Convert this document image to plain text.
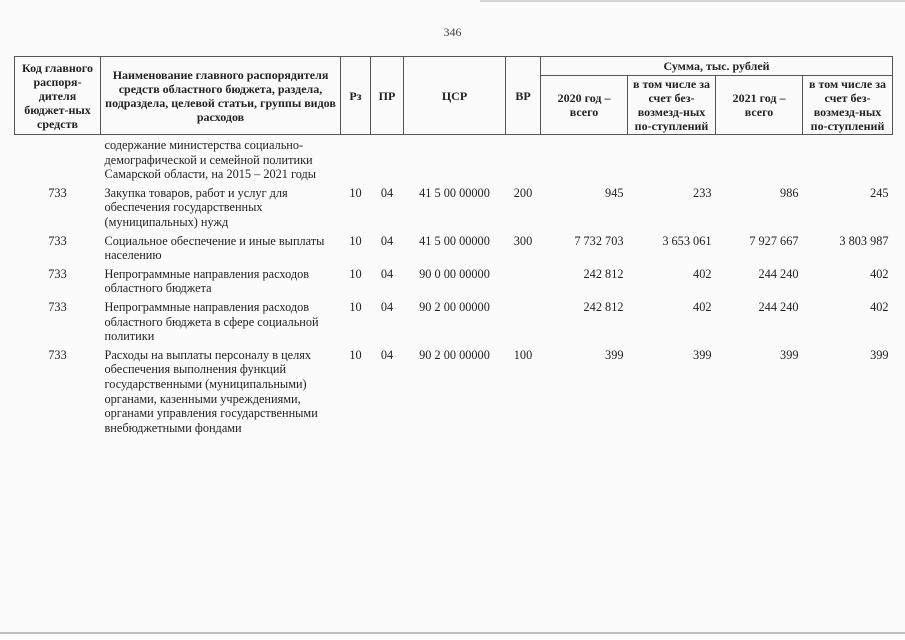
346
Код главного распоря-дителя бюджет-ных средств	Наименование главного распорядителя средств областного бюджета, раздела, подраздела, целевой статьи, группы видов расходов	Рз	ПР	ЦСР	ВР	Сумма, тыс. рублей			
						2020 год – всего	в том числе за счет без-возмезд-ных по-ступлений	2021 год – всего	в том числе за счет без-возмезд-ных по-ступлений
	содержание министерства социально-демографической и семейной политики Самарской области, на 2015 – 2021 годы								
733	Закупка товаров, работ и услуг для обеспечения государственных (муниципальных) нужд	10	04	41 5 00 00000	200	945	233	986	245
733	Социальное обеспечение и иные выплаты населению	10	04	41 5 00 00000	300	7 732 703	3 653 061	7 927 667	3 803 987
733	Непрограммные направления расходов областного бюджета	10	04	90 0 00 00000		242 812	402	244 240	402
733	Непрограммные направления расходов областного бюджета в сфере социальной политики	10	04	90 2 00 00000		242 812	402	244 240	402
733	Расходы на выплаты персоналу в целях обеспечения выполнения функций государственными (муниципальными) органами, казенными учреждениями, органами управления государственными внебюджетными фондами	10	04	90 2 00 00000	100	399	399	399	399
